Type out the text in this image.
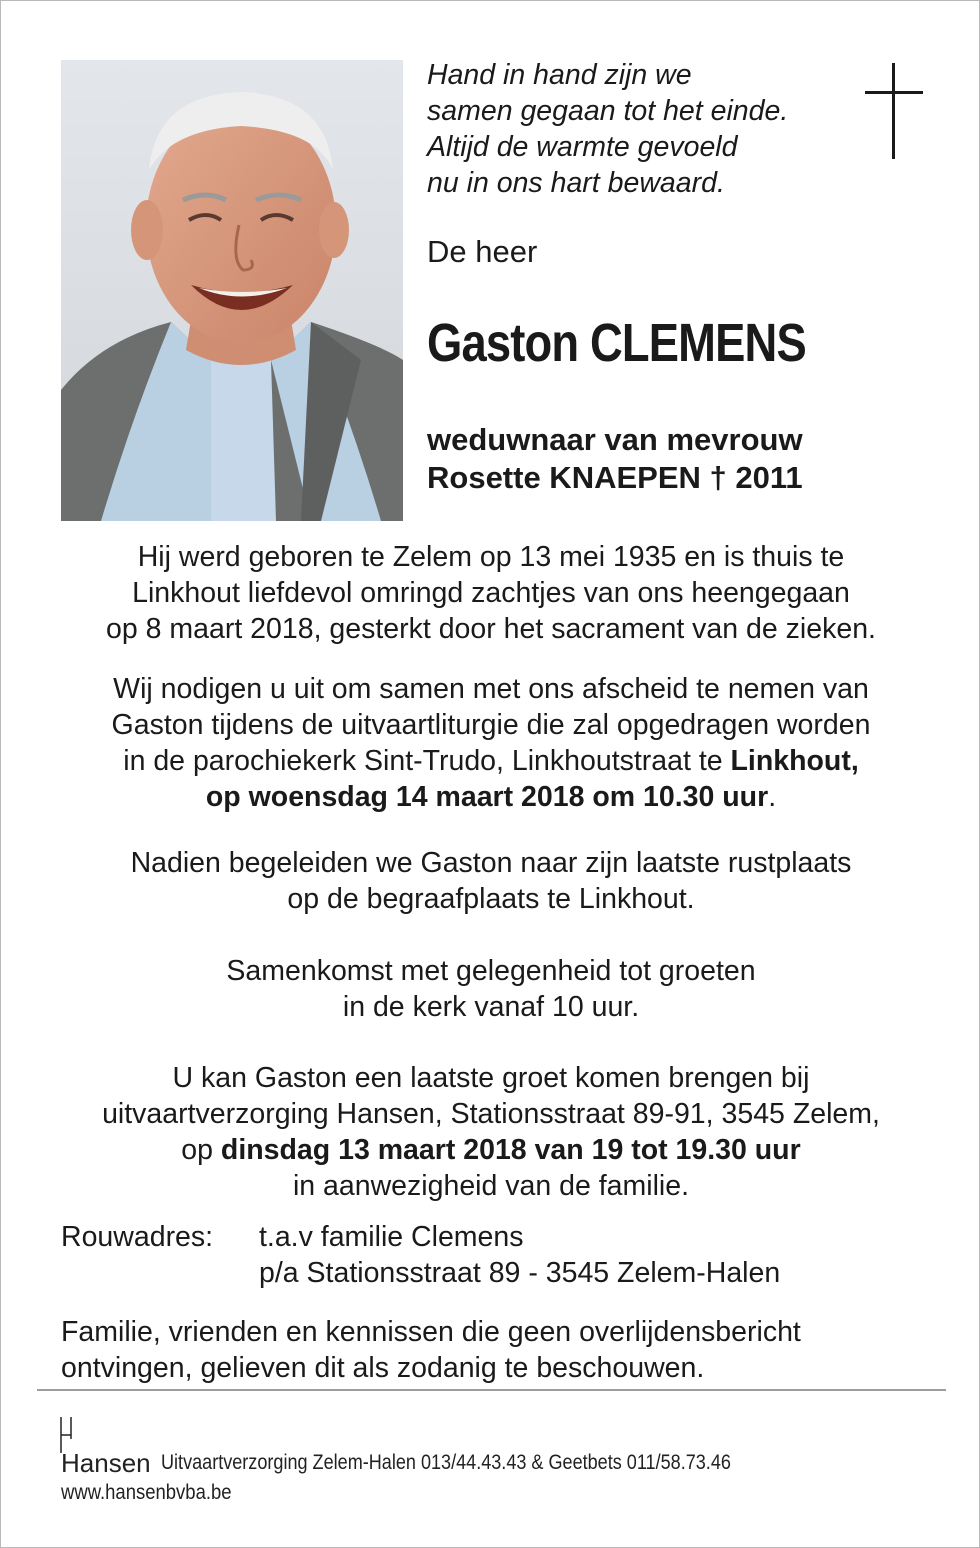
Hand in hand zijn we
samen gegaan tot het einde.
Altijd de warmte gevoeld
nu in ons hart bewaard.
De heer
Gaston CLEMENS
weduwnaar van mevrouw
Rosette KNAEPEN † 2011
Hij werd geboren te Zelem op 13 mei 1935 en is thuis te
Linkhout liefdevol omringd zachtjes van ons heengegaan
op 8 maart 2018, gesterkt door het sacrament van de zieken.
Wij nodigen u uit om samen met ons afscheid te nemen van
Gaston tijdens de uitvaartliturgie die zal opgedragen worden
in de parochiekerk Sint-Trudo, Linkhoutstraat te Linkhout,
op woensdag 14 maart 2018 om 10.30 uur.
Nadien begeleiden we Gaston naar zijn laatste rustplaats
op de begraafplaats te Linkhout.
Samenkomst met gelegenheid tot groeten
in de kerk vanaf 10 uur.
U kan Gaston een laatste groet komen brengen bij
uitvaartverzorging Hansen, Stationsstraat 89-91, 3545 Zelem,
op dinsdag 13 maart 2018 van 19 tot 19.30 uur
in aanwezigheid van de familie.
Rouwadres:	t.a.v familie Clemens
p/a Stationsstraat 89 - 3545 Zelem-Halen
Familie, vrienden en kennissen die geen overlijdensbericht
ontvingen, gelieven dit als zodanig te beschouwen.
Hansen Uitvaartverzorging Zelem-Halen 013/44.43.43 & Geetbets 011/58.73.46
www.hansenbvba.be
